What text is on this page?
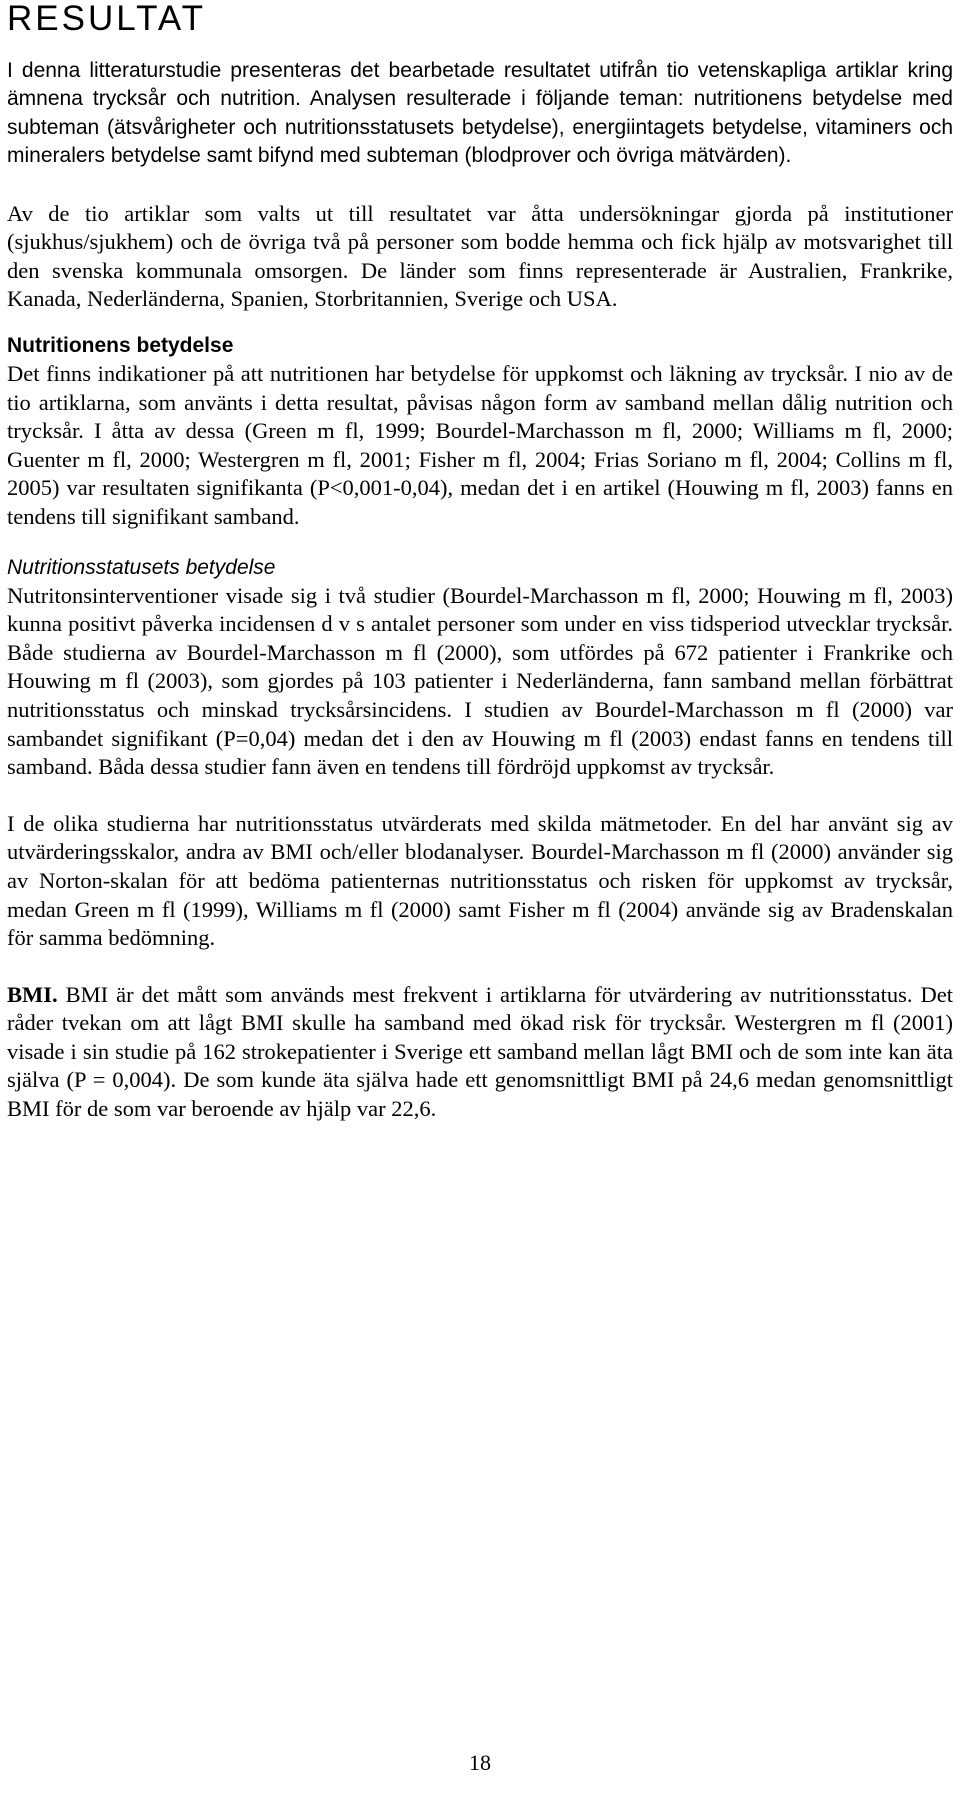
RESULTAT

I denna litteraturstudie presenteras det bearbetade resultatet utifrån tio vetenskapliga artiklar kring ämnena trycksår och nutrition. Analysen resulterade i följande teman: nutritionens betydelse med subteman (ätsvårigheter och nutritionsstatusets betydelse), energiintagets betydelse, vitaminers och mineralers betydelse samt bifynd med subteman (blodprover och övriga mätvärden).

Av de tio artiklar som valts ut till resultatet var åtta undersökningar gjorda på institutioner (sjukhus/sjukhem) och de övriga två på personer som bodde hemma och fick hjälp av motsvarighet till den svenska kommunala omsorgen. De länder som finns representerade är Australien, Frankrike, Kanada, Nederländerna, Spanien, Storbritannien, Sverige och USA.

Nutritionens betydelse

Det finns indikationer på att nutritionen har betydelse för uppkomst och läkning av trycksår. I nio av de tio artiklarna, som använts i detta resultat, påvisas någon form av samband mellan dålig nutrition och trycksår. I åtta av dessa (Green m fl, 1999; Bourdel-Marchasson m fl, 2000; Williams m fl, 2000; Guenter m fl, 2000; Westergren m fl, 2001; Fisher m fl, 2004; Frias Soriano m fl, 2004; Collins m fl, 2005) var resultaten signifikanta (P<0,001-0,04), medan det i en artikel (Houwing m fl, 2003) fanns en tendens till signifikant samband.

Nutritionsstatusets betydelse

Nutritonsinterventioner visade sig i två studier (Bourdel-Marchasson m fl, 2000; Houwing m fl, 2003) kunna positivt påverka incidensen d v s antalet personer som under en viss tidsperiod utvecklar trycksår. Både studierna av Bourdel-Marchasson m fl (2000), som utfördes på 672 patienter i Frankrike och Houwing m fl (2003), som gjordes på 103 patienter i Nederländerna, fann samband mellan förbättrat nutritionsstatus och minskad trycksårsincidens. I studien av Bourdel-Marchasson m fl (2000) var sambandet signifikant (P=0,04) medan det i den av Houwing m fl (2003) endast fanns en tendens till samband. Båda dessa studier fann även en tendens till fördröjd uppkomst av trycksår.

I de olika studierna har nutritionsstatus utvärderats med skilda mätmetoder. En del har använt sig av utvärderingsskalor, andra av BMI och/eller blodanalyser. Bourdel-Marchasson m fl (2000) använder sig av Norton-skalan för att bedöma patienternas nutritionsstatus och risken för uppkomst av trycksår, medan Green m fl (1999), Williams m fl (2000) samt Fisher m fl (2004) använde sig av Bradenskalan för samma bedömning.

BMI. BMI är det mått som används mest frekvent i artiklarna för utvärdering av nutritionsstatus. Det råder tvekan om att lågt BMI skulle ha samband med ökad risk för trycksår. Westergren m fl (2001) visade i sin studie på 162 strokepatienter i Sverige ett samband mellan lågt BMI och de som inte kan äta själva (P = 0,004). De som kunde äta själva hade ett genomsnittligt BMI på 24,6 medan genomsnittligt BMI för de som var beroende av hjälp var 22,6.

18
